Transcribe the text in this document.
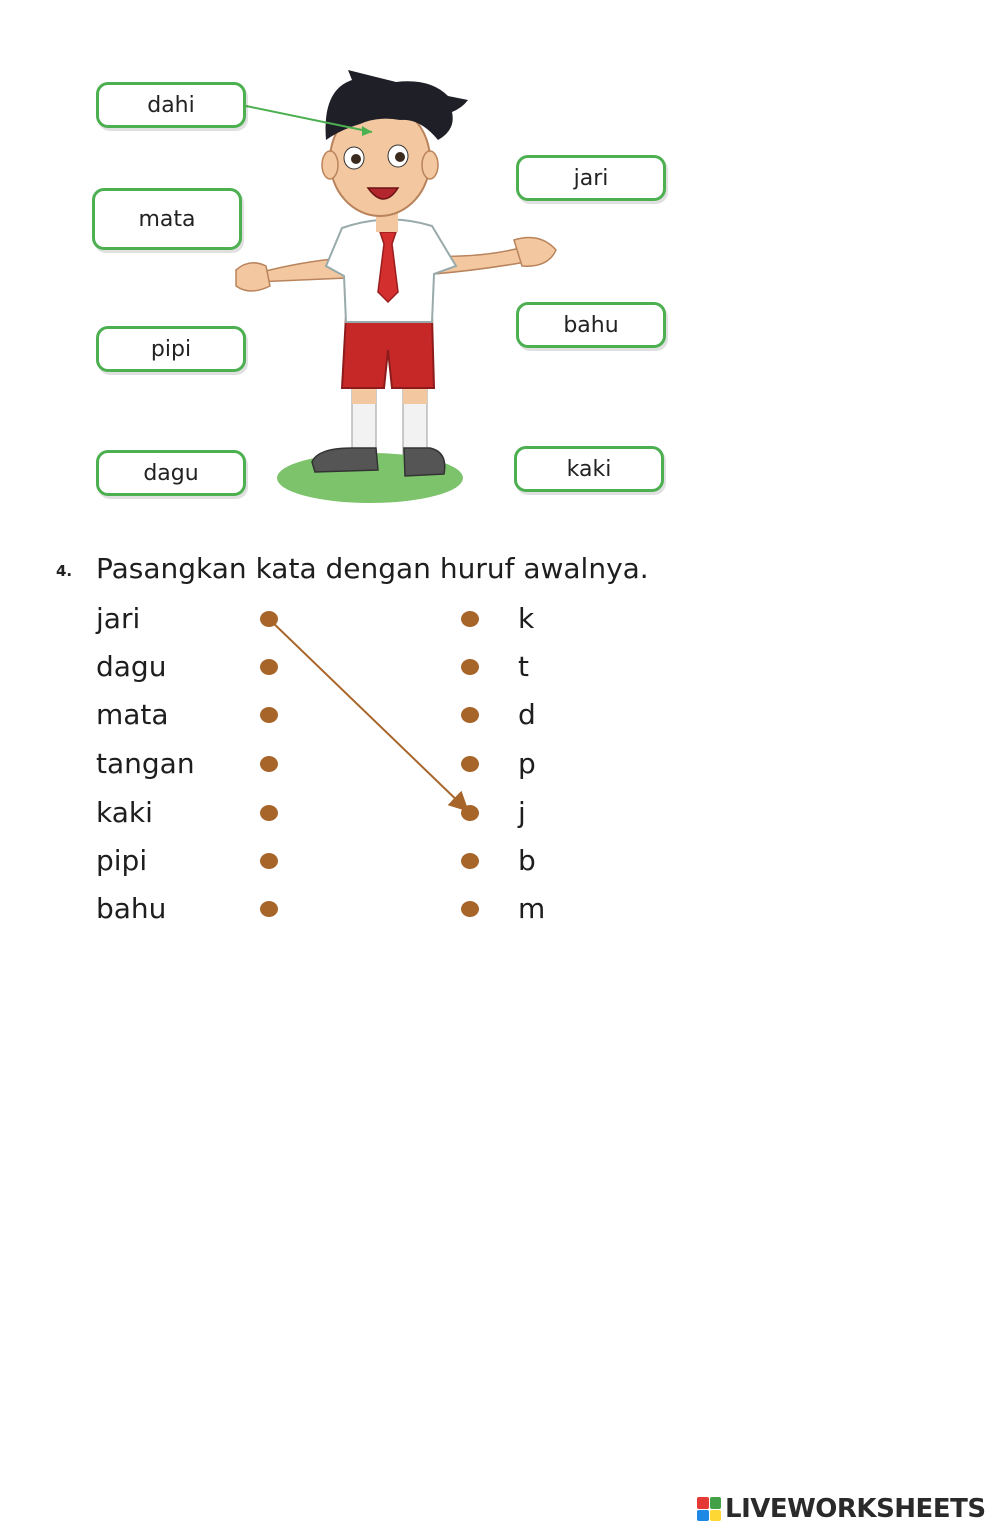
dahi
mata
pipi
dagu
jari
bahu
kaki
4. Pasangkan kata dengan huruf awalnya.
jari
dagu
mata
tangan
kaki
pipi
bahu
k
t
d
p
j
b
m
LIVEWORKSHEETS
